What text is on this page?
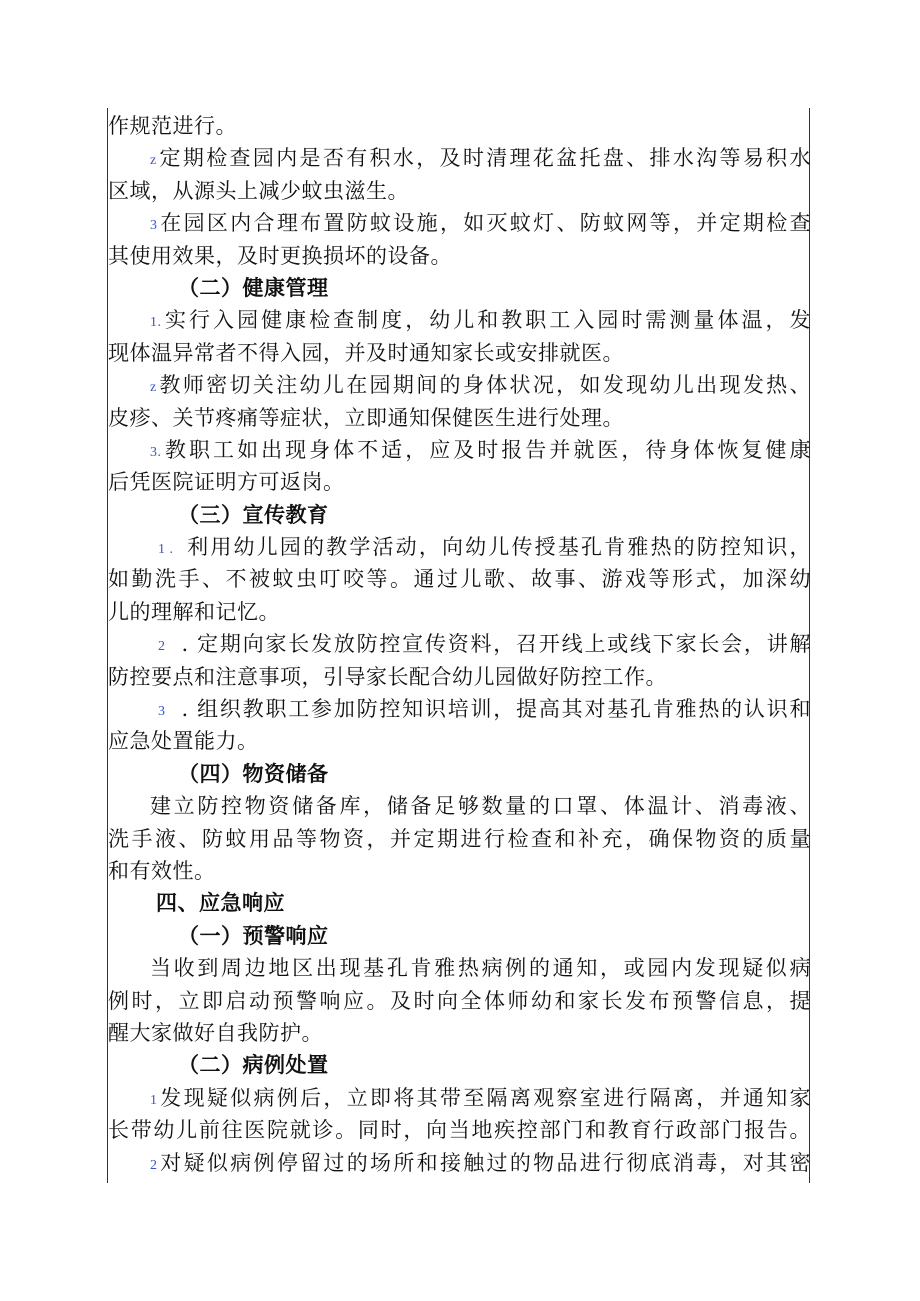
作规范进行。
z定期检查园内是否有积水，及时清理花盆托盘、排水沟等易积水
区域，从源头上减少蚊虫滋生。
3在园区内合理布置防蚊设施，如灭蚊灯、防蚊网等，并定期检查
其使用效果，及时更换损坏的设备。
（二）健康管理
1.实行入园健康检查制度，幼儿和教职工入园时需测量体温，发
现体温异常者不得入园，并及时通知家长或安排就医。
z教师密切关注幼儿在园期间的身体状况，如发现幼儿出现发热、
皮疹、关节疼痛等症状，立即通知保健医生进行处理。
3.教职工如出现身体不适，应及时报告并就医，待身体恢复健康
后凭医院证明方可返岗。
（三）宣传教育
1 . 利用幼儿园的教学活动，向幼儿传授基孔肯雅热的防控知识，
如勤洗手、不被蚊虫叮咬等。通过儿歌、故事、游戏等形式，加深幼
儿的理解和记忆。
2 . 定期向家长发放防控宣传资料，召开线上或线下家长会，讲解
防控要点和注意事项，引导家长配合幼儿园做好防控工作。
3 . 组织教职工参加防控知识培训，提高其对基孔肯雅热的认识和
应急处置能力。
（四）物资储备
建立防控物资储备库，储备足够数量的口罩、体温计、消毒液、
洗手液、防蚊用品等物资，并定期进行检查和补充，确保物资的质量
和有效性。
四、应急响应
（一）预警响应
当收到周边地区出现基孔肯雅热病例的通知，或园内发现疑似病
例时，立即启动预警响应。及时向全体师幼和家长发布预警信息，提
醒大家做好自我防护。
（二）病例处置
1发现疑似病例后，立即将其带至隔离观察室进行隔离，并通知家
长带幼儿前往医院就诊。同时，向当地疾控部门和教育行政部门报告。
2对疑似病例停留过的场所和接触过的物品进行彻底消毒，对其密
